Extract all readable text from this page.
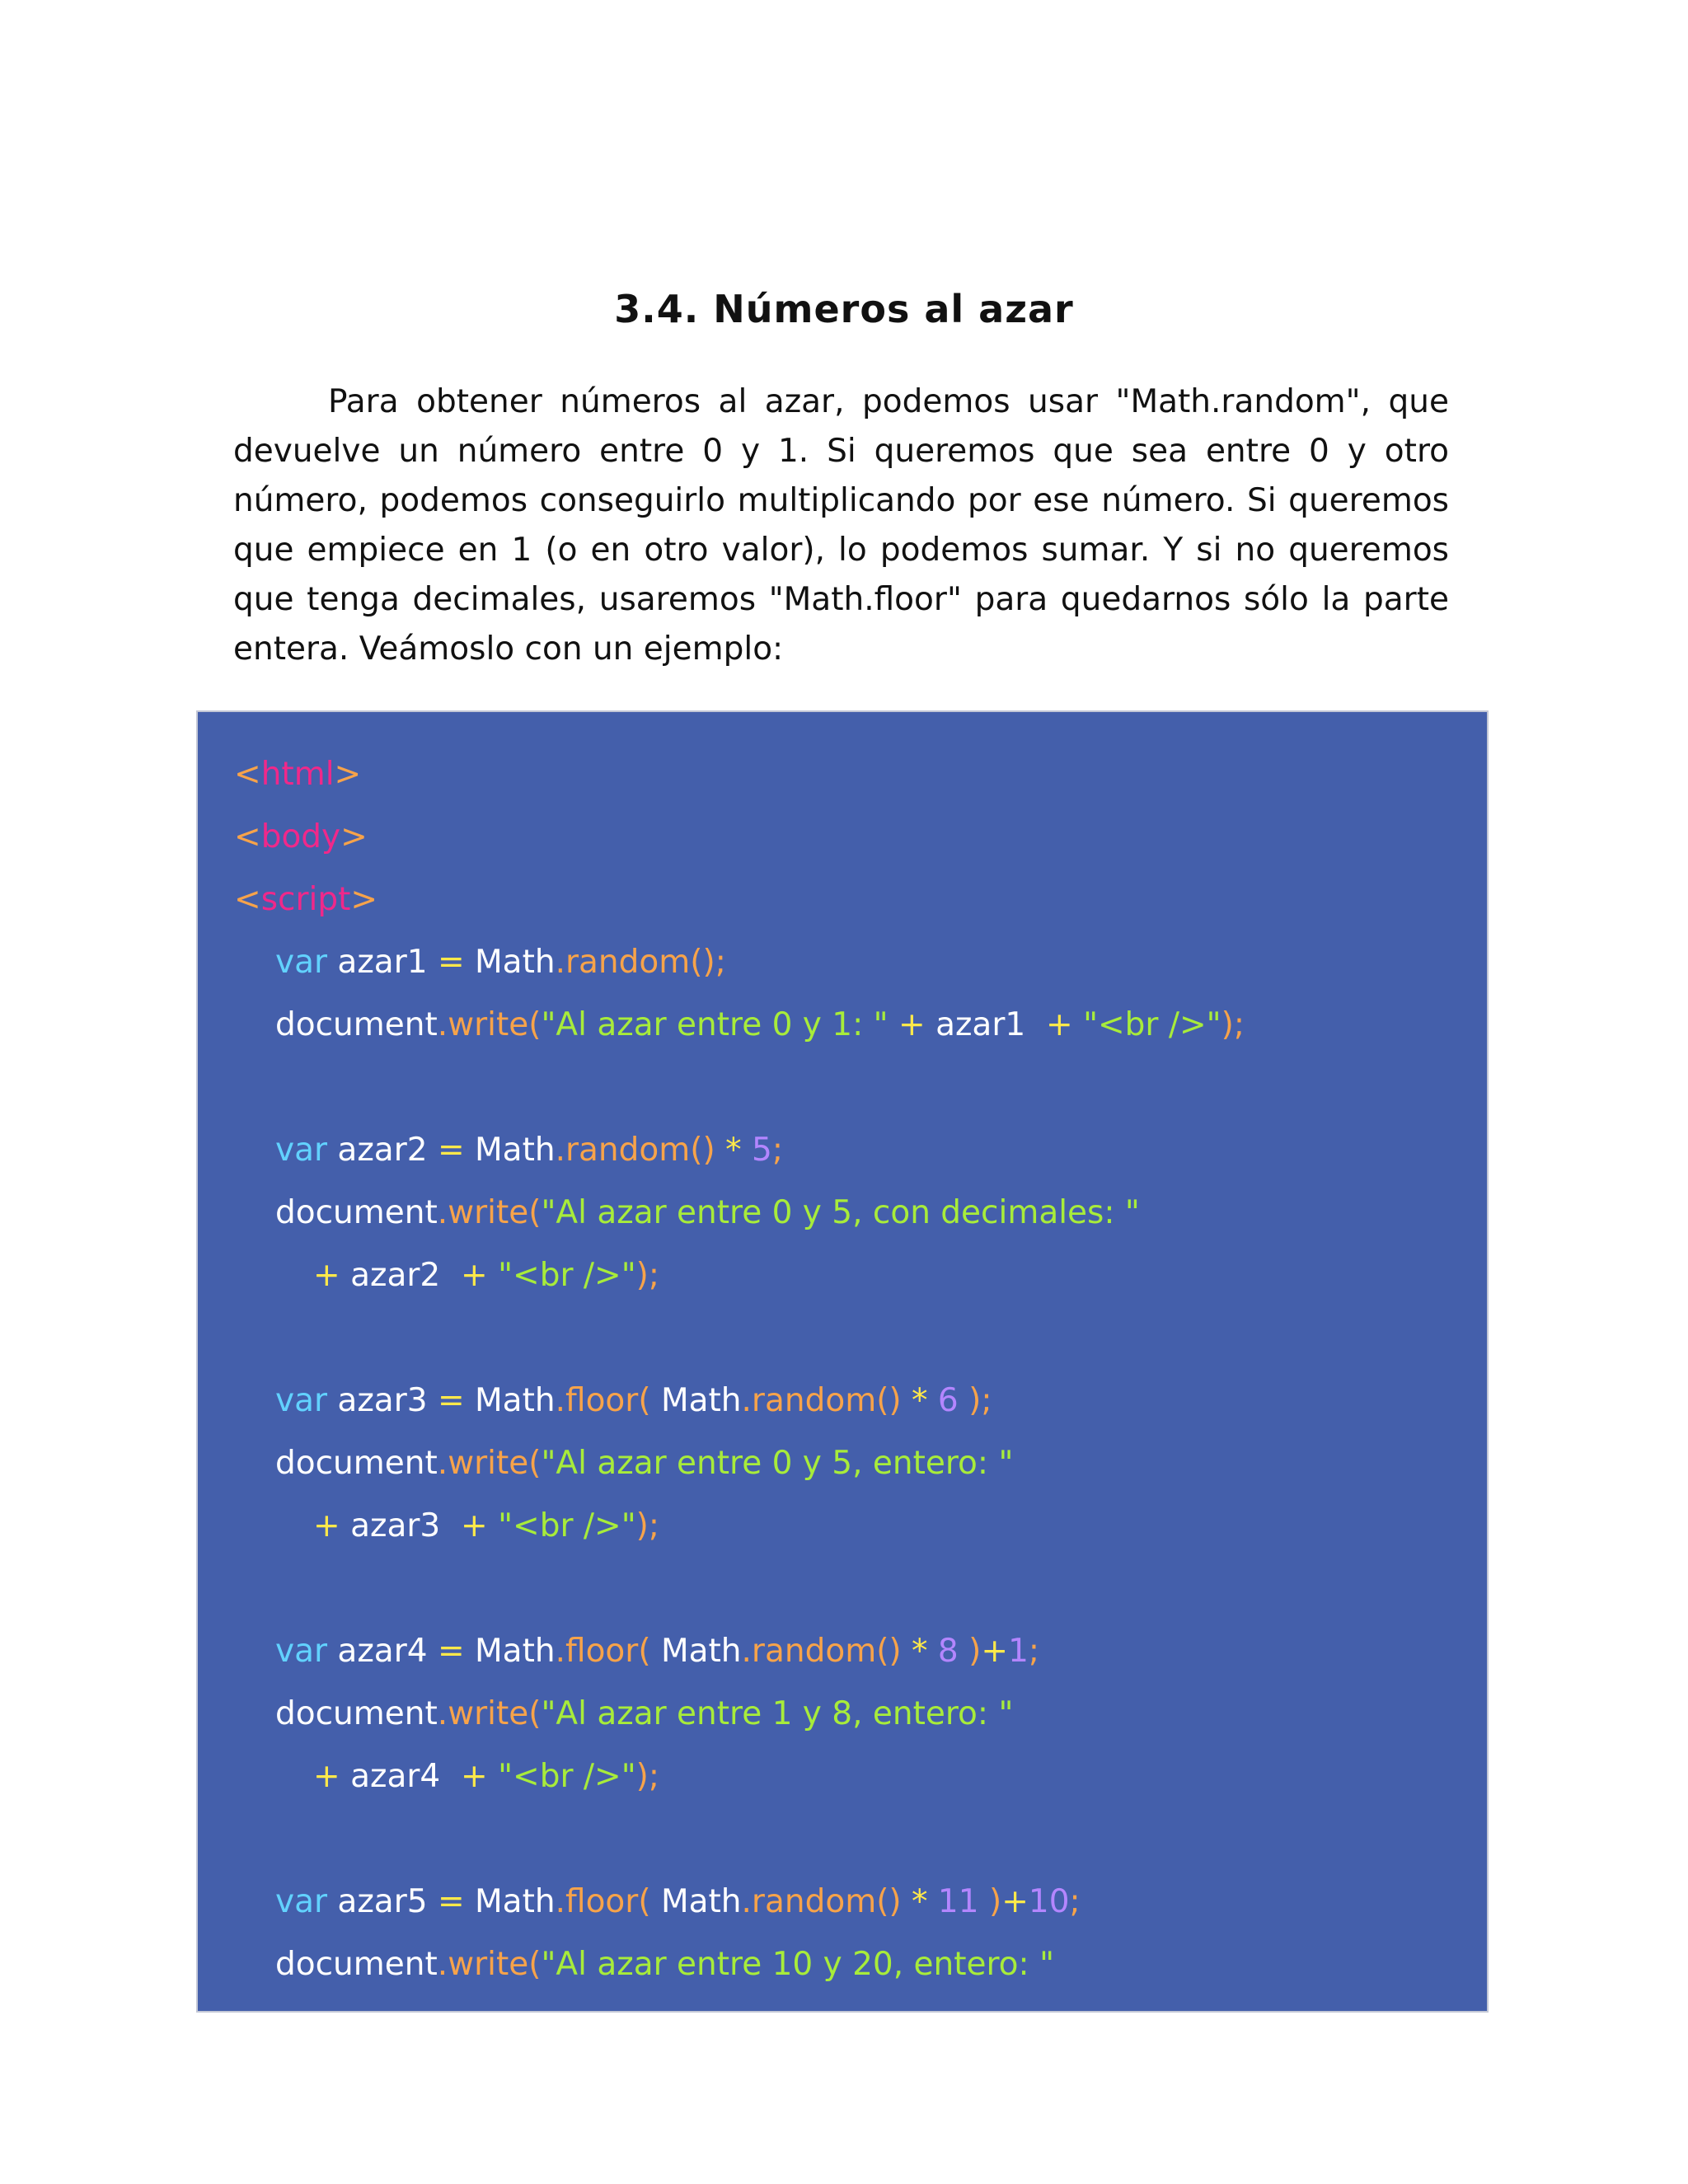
3.4. Números al azar
Para obtener números al azar, podemos usar "Math.random", que devuelve un número entre 0 y 1. Si queremos que sea entre 0 y otro número, podemos conseguirlo multiplicando por ese número. Si queremos que empiece en 1 (o en otro valor), lo podemos sumar. Y si no queremos que tenga decimales, usaremos "Math.floor" para quedarnos sólo la parte entera. Veámoslo con un ejemplo:
<html>
<body>
<script>
var azar1 = Math.random();
document.write("Al azar entre 0 y 1: " + azar1  + "<br />");
var azar2 = Math.random() * 5;
document.write("Al azar entre 0 y 5, con decimales: "
+ azar2  + "<br />");
var azar3 = Math.floor( Math.random() * 6 );
document.write("Al azar entre 0 y 5, entero: "
+ azar3  + "<br />");
var azar4 = Math.floor( Math.random() * 8 )+1;
document.write("Al azar entre 1 y 8, entero: "
+ azar4  + "<br />");
var azar5 = Math.floor( Math.random() * 11 )+10;
document.write("Al azar entre 10 y 20, entero: "
